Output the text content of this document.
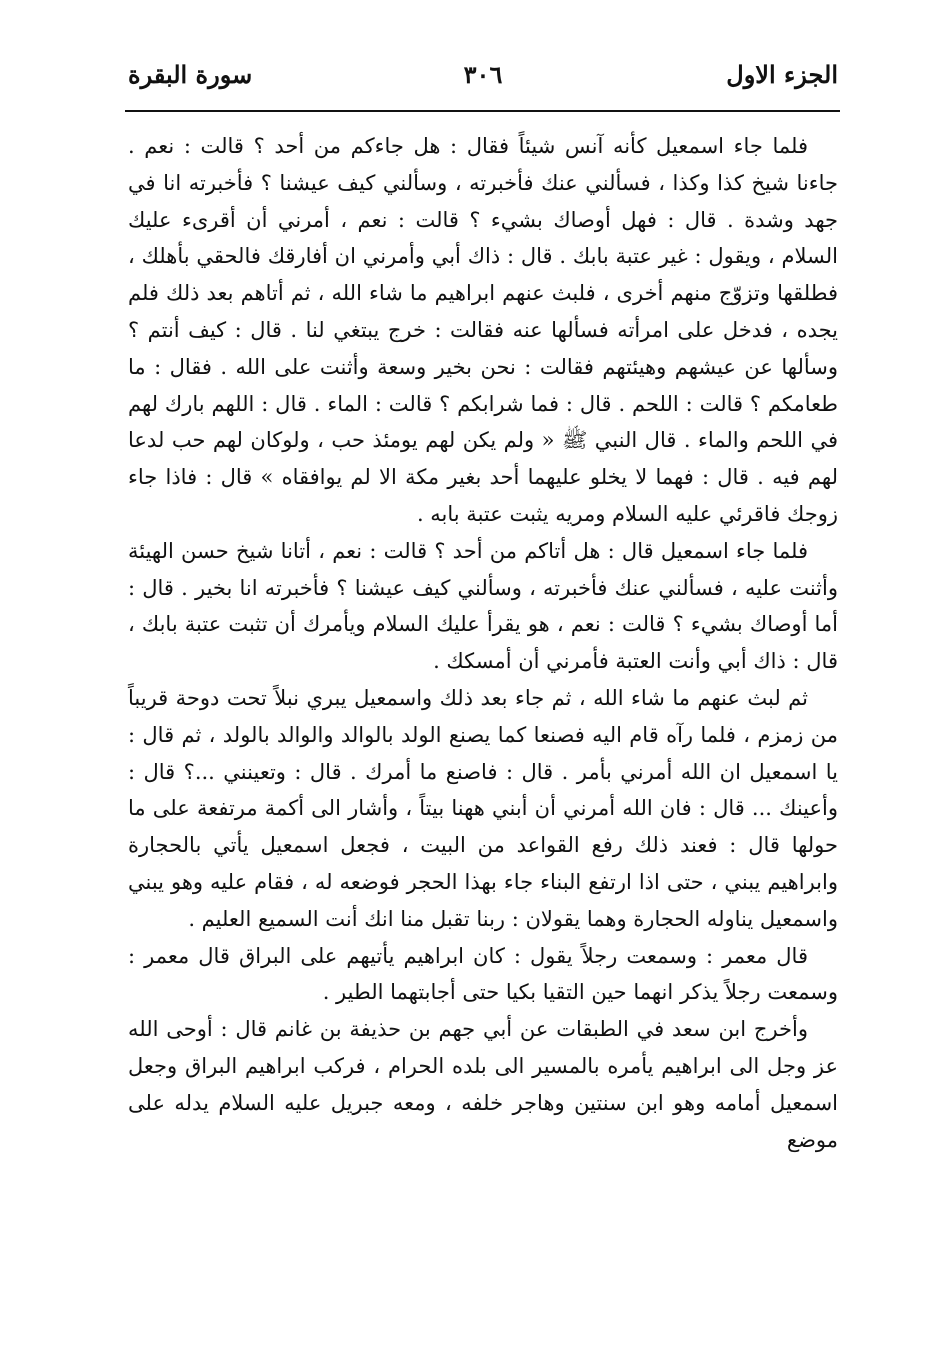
الجزء الاول
٣٠٦
سورة البقرة

فلما جاء اسمعيل كأنه آنس شيئاً فقال : هل جاءكم من أحد ؟ قالت : نعم . جاءنا شيخ كذا وكذا ، فسألني عنك فأخبرته ، وسألني كيف عيشنا ؟ فأخبرته انا في جهد وشدة . قال : فهل أوصاك بشيء ؟ قالت : نعم ، أمرني أن أقرىء عليك السلام ، ويقول : غير عتبة بابك . قال : ذاك أبي وأمرني ان أفارقك فالحقي بأهلك ، فطلقها وتزوّج منهم أخرى ، فلبث عنهم ابراهيم ما شاء الله ، ثم أتاهم بعد ذلك فلم يجده ، فدخل على امرأته فسألها عنه فقالت : خرج يبتغي لنا . قال : كيف أنتم ؟ وسألها عن عيشهم وهيئتهم فقالت : نحن بخير وسعة وأثنت على الله . فقال : ما طعامكم ؟ قالت : اللحم . قال : فما شرابكم ؟ قالت : الماء . قال : اللهم بارك لهم في اللحم والماء . قال النبي ﷺ « ولم يكن لهم يومئذ حب ، ولوكان لهم حب لدعا لهم فيه . قال : فهما لا يخلو عليهما أحد بغير مكة الا لم يوافقاه » قال : فاذا جاء زوجك فاقرئي عليه السلام ومريه يثبت عتبة بابه .

فلما جاء اسمعيل قال : هل أتاكم من أحد ؟ قالت : نعم ، أتانا شيخ حسن الهيئة وأثنت عليه ، فسألني عنك فأخبرته ، وسألني كيف عيشنا ؟ فأخبرته انا بخير . قال : أما أوصاك بشيء ؟ قالت : نعم ، هو يقرأ عليك السلام ويأمرك أن تثبت عتبة بابك ، قال : ذاك أبي وأنت العتبة فأمرني أن أمسكك .

ثم لبث عنهم ما شاء الله ، ثم جاء بعد ذلك واسمعيل يبري نبلاً تحت دوحة قريباً من زمزم ، فلما رآه قام اليه فصنعا كما يصنع الولد بالوالد والوالد بالولد ، ثم قال : يا اسمعيل ان الله أمرني بأمر . قال : فاصنع ما أمرك . قال : وتعينني ...؟ قال : وأعينك ... قال : فان الله أمرني أن أبني ههنا بيتاً ، وأشار الى أكمة مرتفعة على ما حولها قال : فعند ذلك رفع القواعد من البيت ، فجعل اسمعيل يأتي بالحجارة وابراهيم يبني ، حتى اذا ارتفع البناء جاء بهذا الحجر فوضعه له ، فقام عليه وهو يبني واسمعيل يناوله الحجارة وهما يقولان : ربنا تقبل منا انك أنت السميع العليم .

قال معمر : وسمعت رجلاً يقول : كان ابراهيم يأتيهم على البراق قال معمر : وسمعت رجلاً يذكر انهما حين التقيا بكيا حتى أجابتهما الطير .

وأخرج ابن سعد في الطبقات عن أبي جهم بن حذيفة بن غانم قال : أوحى الله عز وجل الى ابراهيم يأمره بالمسير الى بلده الحرام ، فركب ابراهيم البراق وجعل اسمعيل أمامه وهو ابن سنتين وهاجر خلفه ، ومعه جبريل عليه السلام يدله على موضع
